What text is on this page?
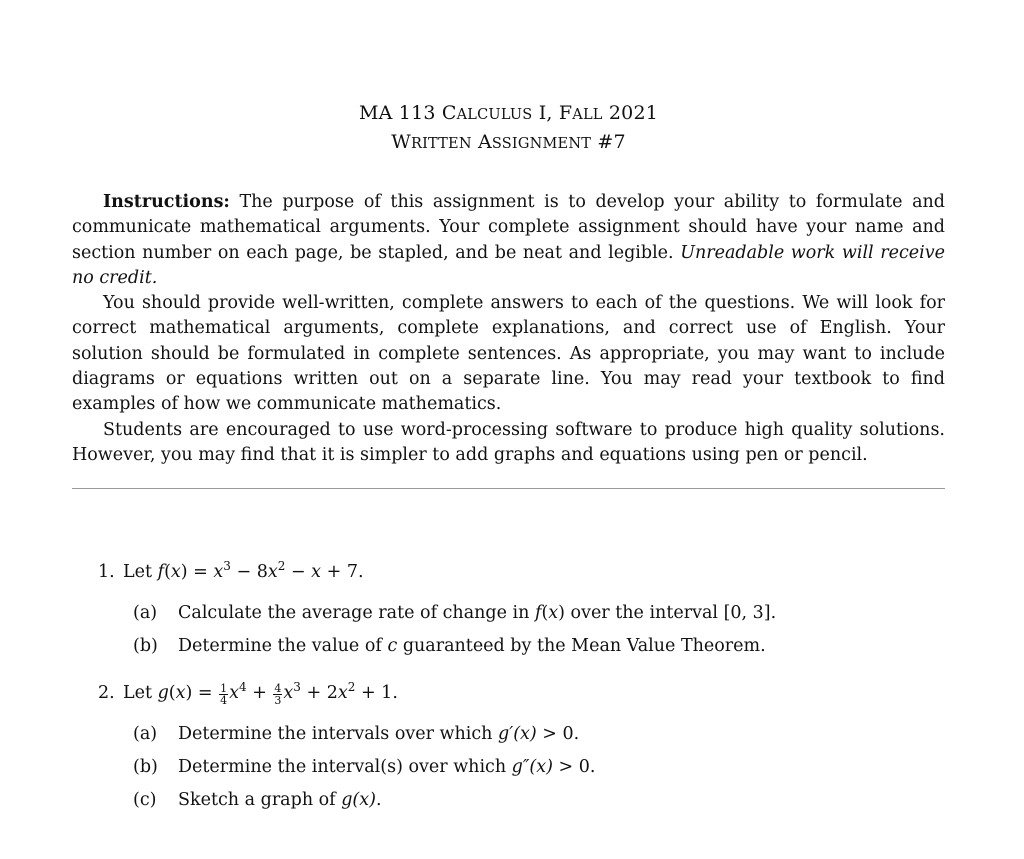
MA 113 CALCULUS I, FALL 2021
WRITTEN ASSIGNMENT #7

Instructions: The purpose of this assignment is to develop your ability to formulate and communicate mathematical arguments. Your complete assignment should have your name and section number on each page, be stapled, and be neat and legible. Unreadable work will receive no credit.

You should provide well-written, complete answers to each of the questions. We will look for correct mathematical arguments, complete explanations, and correct use of English. Your solution should be formulated in complete sentences. As appropriate, you may want to include diagrams or equations written out on a separate line. You may read your textbook to find examples of how we communicate mathematics.

Students are encouraged to use word-processing software to produce high quality solutions. However, you may find that it is simpler to add graphs and equations using pen or pencil.

1. Let $f(x) = x^3 - 8x^2 - x + 7$.
(a) Calculate the average rate of change in f(x) over the interval [0, 3].
(b) Determine the value of c guaranteed by the Mean Value Theorem.
2. Let $g(x) = \frac{1}{4} x^4 + \frac{4}{3} x^3 + 2x^2 + 1$.
(a) Determine the intervals over which g′(x) > 0.
(b) Determine the interval(s) over which g″(x) > 0.
(c) Sketch a graph of g(x).
